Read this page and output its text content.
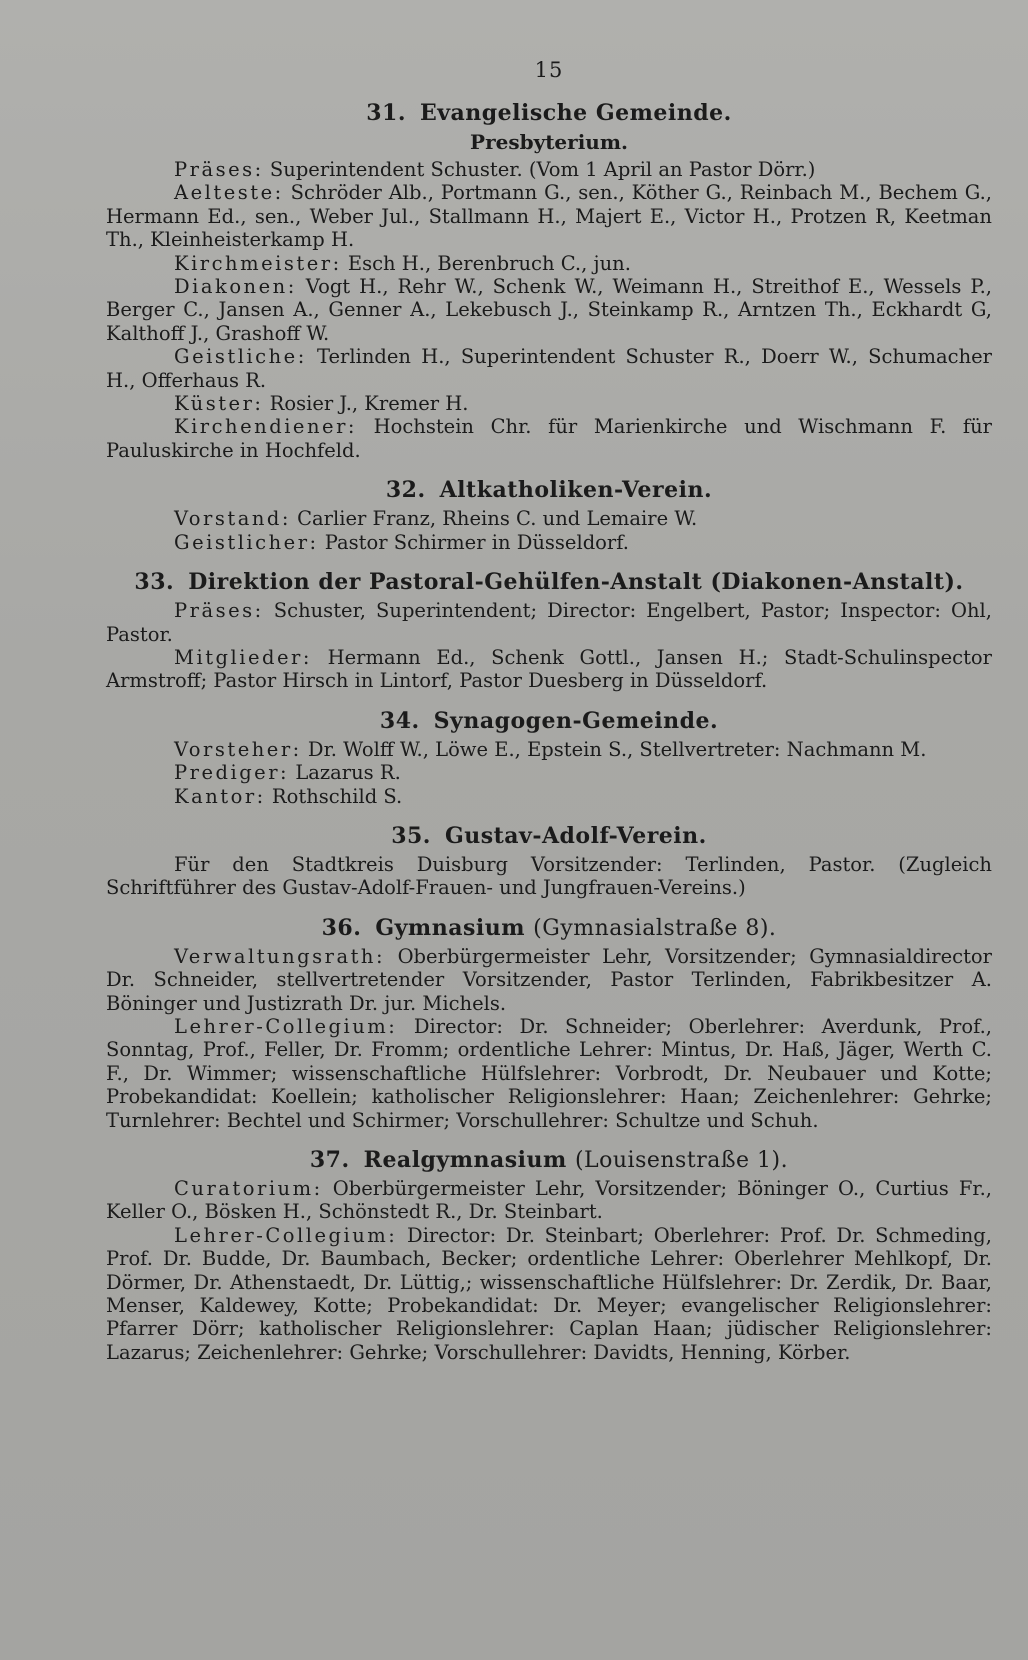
15
31. Evangelische Gemeinde.
Presbyterium.

Präses: Superintendent Schuster. (Vom 1 April an Pastor Dörr.)

Aelteste: Schröder Alb., Portmann G., sen., Köther G., Reinbach M., Bechem G., Hermann Ed., sen., Weber Jul., Stallmann H., Majert E., Victor H., Protzen R, Keetman Th., Kleinheisterkamp H.

Kirchmeister: Esch H., Berenbruch C., jun.

Diakonen: Vogt H., Rehr W., Schenk W., Weimann H., Streithof E., Wessels P., Berger C., Jansen A., Genner A., Lekebusch J., Steinkamp R., Arntzen Th., Eckhardt G, Kalthoff J., Grashoff W.

Geistliche: Terlinden H., Superintendent Schuster R., Doerr W., Schumacher H., Offerhaus R.

Küster: Rosier J., Kremer H.

Kirchendiener: Hochstein Chr. für Marienkirche und Wischmann F. für Pauluskirche in Hochfeld.

32. Altkatholiken-Verein.

Vorstand: Carlier Franz, Rheins C. und Lemaire W.

Geistlicher: Pastor Schirmer in Düsseldorf.

33. Direktion der Pastoral-Gehülfen-Anstalt (Diakonen-Anstalt).

Präses: Schuster, Superintendent; Director: Engelbert, Pastor; Inspector: Ohl, Pastor.

Mitglieder: Hermann Ed., Schenk Gottl., Jansen H.; Stadt-Schulinspector Armstroff; Pastor Hirsch in Lintorf, Pastor Duesberg in Düsseldorf.

34. Synagogen-Gemeinde.

Vorsteher: Dr. Wolff W., Löwe E., Epstein S., Stellvertreter: Nachmann M.

Prediger: Lazarus R.

Kantor: Rothschild S.

35. Gustav-Adolf-Verein.

Für den Stadtkreis Duisburg Vorsitzender: Terlinden, Pastor. (Zugleich Schriftführer des Gustav-Adolf-Frauen- und Jungfrauen-Vereins.)

36. Gymnasium (Gymnasialstraße 8).

Verwaltungsrath: Oberbürgermeister Lehr, Vorsitzender; Gymnasialdirector Dr. Schneider, stellvertretender Vorsitzender, Pastor Terlinden, Fabrikbesitzer A. Böninger und Justizrath Dr. jur. Michels.

Lehrer-Collegium: Director: Dr. Schneider; Oberlehrer: Averdunk, Prof., Sonntag, Prof., Feller, Dr. Fromm; ordentliche Lehrer: Mintus, Dr. Haß, Jäger, Werth C. F., Dr. Wimmer; wissenschaftliche Hülfslehrer: Vorbrodt, Dr. Neubauer und Kotte; Probekandidat: Koellein; katholischer Religionslehrer: Haan; Zeichenlehrer: Gehrke; Turnlehrer: Bechtel und Schirmer; Vorschullehrer: Schultze und Schuh.

37. Realgymnasium (Louisenstraße 1).

Curatorium: Oberbürgermeister Lehr, Vorsitzender; Böninger O., Curtius Fr., Keller O., Bösken H., Schönstedt R., Dr. Steinbart.

Lehrer-Collegium: Director: Dr. Steinbart; Oberlehrer: Prof. Dr. Schmeding, Prof. Dr. Budde, Dr. Baumbach, Becker; ordentliche Lehrer: Oberlehrer Mehlkopf, Dr. Dörmer, Dr. Athenstaedt, Dr. Lüttig,; wissenschaftliche Hülfslehrer: Dr. Zerdik, Dr. Baar, Menser, Kaldewey, Kotte; Probekandidat: Dr. Meyer; evangelischer Religionslehrer: Pfarrer Dörr; katholischer Religionslehrer: Caplan Haan; jüdischer Religionslehrer: Lazarus; Zeichenlehrer: Gehrke; Vorschullehrer: Davidts, Henning, Körber.
